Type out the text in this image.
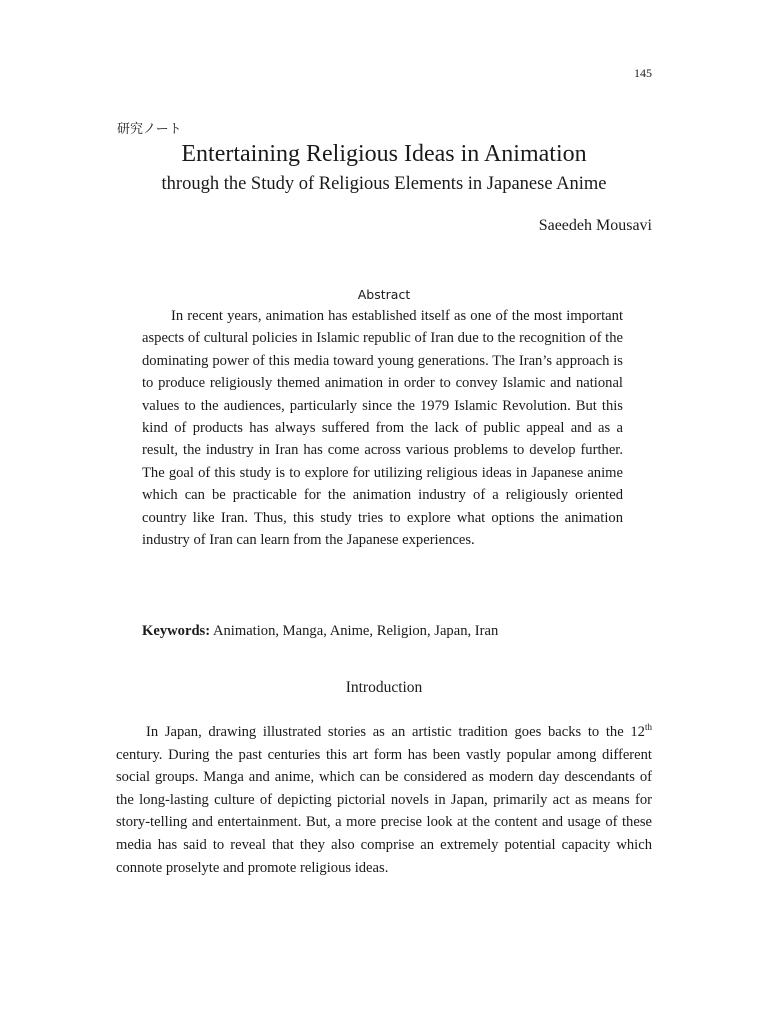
145
研究ノート
Entertaining Religious Ideas in Animation
through the Study of Religious Elements in Japanese Anime
Saeedeh Mousavi
Abstract

In recent years, animation has established itself as one of the most important aspects of cultural policies in Islamic republic of Iran due to the recognition of the dominating power of this media toward young generations. The Iran’s approach is to produce religiously themed animation in order to convey Islamic and national values to the audiences, particularly since the 1979 Islamic Revolution. But this kind of products has always suffered from the lack of public appeal and as a result, the industry in Iran has come across various problems to develop further. The goal of this study is to explore for utilizing religious ideas in Japanese anime which can be practicable for the animation industry of a religiously oriented country like Iran. Thus, this study tries to explore what options the animation industry of Iran can learn from the Japanese experiences.

Keywords: Animation, Manga, Anime, Religion, Japan, Iran
Introduction

In Japan, drawing illustrated stories as an artistic tradition goes backs to the 12th century. During the past centuries this art form has been vastly popular among different social groups. Manga and anime, which can be considered as modern day descendants of the long-lasting culture of depicting pictorial novels in Japan, primarily act as means for story-telling and entertainment. But, a more precise look at the content and usage of these media has said to reveal that they also comprise an extremely potential capacity which connote proselyte and promote religious ideas.
